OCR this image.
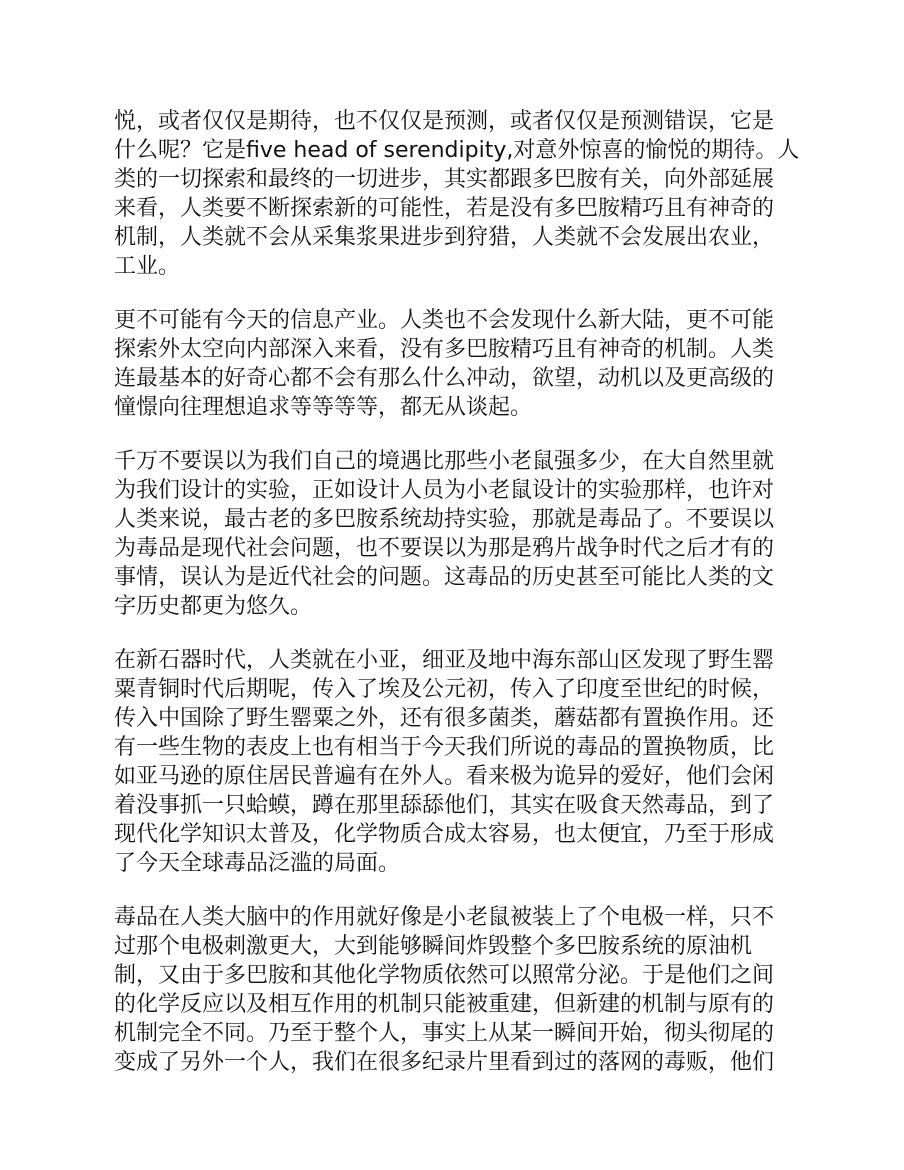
悦，或者仅仅是期待，也不仅仅是预测，或者仅仅是预测错误，它是
什么呢？它是five head of serendipity,对意外惊喜的愉悦的期待。人
类的一切探索和最终的一切进步，其实都跟多巴胺有关，向外部延展
来看，人类要不断探索新的可能性，若是没有多巴胺精巧且有神奇的
机制，人类就不会从采集浆果进步到狩猎，人类就不会发展出农业，
工业。
更不可能有今天的信息产业。人类也不会发现什么新大陆，更不可能
探索外太空向内部深入来看，没有多巴胺精巧且有神奇的机制。人类
连最基本的好奇心都不会有那么什么冲动，欲望，动机以及更高级的
憧憬向往理想追求等等等等，都无从谈起。
千万不要误以为我们自己的境遇比那些小老鼠强多少，在大自然里就
为我们设计的实验，正如设计人员为小老鼠设计的实验那样，也许对
人类来说，最古老的多巴胺系统劫持实验，那就是毒品了。不要误以
为毒品是现代社会问题，也不要误以为那是鸦片战争时代之后才有的
事情，误认为是近代社会的问题。这毒品的历史甚至可能比人类的文
字历史都更为悠久。
在新石器时代，人类就在小亚，细亚及地中海东部山区发现了野生罂
粟青铜时代后期呢，传入了埃及公元初，传入了印度至世纪的时候，
传入中国除了野生罂粟之外，还有很多菌类，蘑菇都有置换作用。还
有一些生物的表皮上也有相当于今天我们所说的毒品的置换物质，比
如亚马逊的原住居民普遍有在外人。看来极为诡异的爱好，他们会闲
着没事抓一只蛤蟆，蹲在那里舔舔他们，其实在吸食天然毒品，到了
现代化学知识太普及，化学物质合成太容易，也太便宜，乃至于形成
了今天全球毒品泛滥的局面。
毒品在人类大脑中的作用就好像是小老鼠被装上了个电极一样，只不
过那个电极刺激更大，大到能够瞬间炸毁整个多巴胺系统的原油机
制，又由于多巴胺和其他化学物质依然可以照常分泌。于是他们之间
的化学反应以及相互作用的机制只能被重建，但新建的机制与原有的
机制完全不同。乃至于整个人，事实上从某一瞬间开始，彻头彻尾的
变成了另外一个人，我们在很多纪录片里看到过的落网的毒贩，他们
